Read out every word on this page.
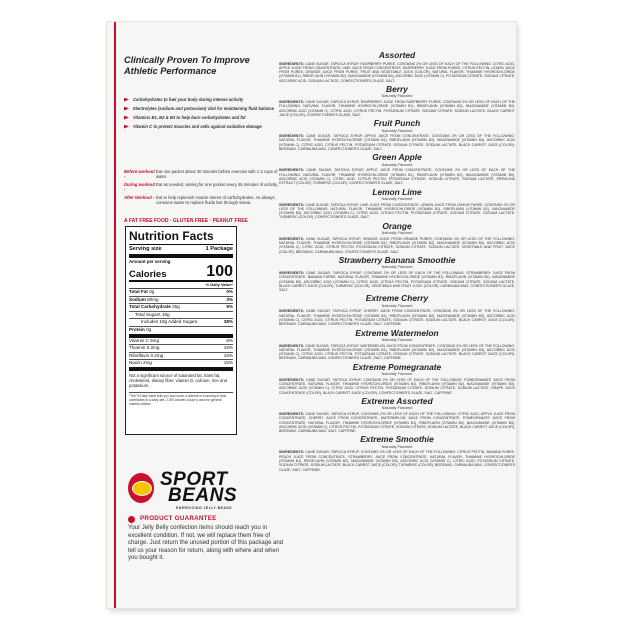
Clinically Proven To Improve Athletic Performance
Carbohydrates to fuel your body during intense activity
Electrolytes (sodium and potassium) vital for maintaining fluid balance
Vitamins B1, B2 & B3 to help burn carbohydrates and fat
Vitamin C to protect muscles and cells against oxidative damage
Before workout -
Eat one packet about 30 minutes before exercise with 1-2 cups of water.
During workout -
Eat as needed, aiming for one packet every 45 minutes of activity.
After Workout - Eat to help replenish muscle stores of carbohydrates. As always, consume water to replace fluids lost through sweat.
A FAT FREE FOOD · GLUTEN FREE · PEANUT FREE
Nutrition Facts
Serving size	1 Package
Amount per serving
Calories 100
% Daily Value*
Total Fat 0g	0%
Sodium 80mg	3%
Total Carbohydrate 25g	9%
Total Sugars 19g
Includes 19g Added Sugars	38%
Protein 0g
Vitamin C 6mg	6%
Thiamin 0.2mg	15%
Riboflavin 0.2mg	15%
Niacin 2mg	15%
Not a significant source of saturated fat, trans fat, cholesterol, dietary fiber, vitamin D, calcium, iron and potassium.
*The % Daily Value tells you how much a nutrient in a serving of food contributes to a daily diet. 2,000 calories a day is used for general nutrition advice.
SPORT
BEANS
ENERGIZING JELLY BEANS
PRODUCT GUARANTEE
Your Jelly Belly confection items should reach you in excellent condition. If not, we will replace them free of charge. Just return the unused portion of this package and tell us your reason for return, along with where and when you bought it.
Assorted
INGREDIENTS: CANE SUGAR, TAPIOCA SYRUP, RASPBERRY PUREE, CONTAINS 2% OR LESS OF EACH OF THE FOLLOWING: CITRIC ACID, APPLE JUICE FROM CONCENTRATE, LIME JUICE FROM CONCENTRATE, RASPBERRY JUICE FROM PUREE, CITRUS PECTIN, LEMON JUICE FROM PUREE, ORANGE JUICE FROM PUREE, FRUIT AND VEGETABLE JUICE (COLOR), NATURAL FLAVOR, THIAMINE HYDROCHLORIDE (VITAMIN B1), RIBOFLAVIN (VITAMIN B2), NIACINAMIDE (VITAMIN B3), ASCORBIC ACID (VITAMIN C), POTASSIUM CITRATE, SODIUM CITRATE, ASCORBIC ACID, SODIUM LACTATE, CONFECTIONER'S GLAZE, SALT.
Berry
Naturally Flavored
INGREDIENTS: CANE SUGAR, TAPIOCA SYRUP, RASPBERRY JUICE FROM RASPBERRY PUREE, CONTAINS 2% OR LESS OF EACH OF THE FOLLOWING: NATURAL FLAVOR, THIAMINE HYDROCHLORIDE (VITAMIN B1), RIBOFLAVIN (VITAMIN B2), NIACINAMIDE (VITAMIN B3), ASCORBIC ACID (VITAMIN C), CITRIC ACID, CITRUS PECTIN, POTASSIUM CITRATE, SODIUM CITRATE, SODIUM LACTATE, BLACK CARROT JUICE (COLOR), CONFECTIONER'S GLAZE, SALT.
Fruit Punch
Naturally Flavored
INGREDIENTS: CANE SUGAR, TAPIOCA SYRUP, APPLE JUICE FROM CONCENTRATE, CONTAINS 2% OR LESS OF THE FOLLOWING: NATURAL FLAVOR, THIAMINE HYDROCHLORIDE (VITAMIN B1), RIBOFLAVIN (VITAMIN B2), NIACINAMIDE (VITAMIN B3), ASCORBIC ACID (VITAMIN C), CITRIC ACID, CITRUS PECTIN, POTASSIUM CITRATE, SODIUM CITRATE, SODIUM LACTATE, BLACK CARROT JUICE (COLOR), BEESWAX, CARNAUBA WAX, CONFECTIONER'S GLAZE, SALT.
Green Apple
Naturally Flavored
INGREDIENTS: CANE SUGAR, TAPIOCA SYRUP, APPLE JUICE FROM CONCENTRATE, CONTAINS 2% OR LESS OF EACH OF THE FOLLOWING: NATURAL FLAVOR, THIAMINE HYDROCHLORIDE (VITAMIN B1), RIBOFLAVIN (VITAMIN B2), NIACINAMIDE (VITAMIN B3), ASCORBIC ACID (VITAMIN C), CITRIC ACID, CITRUS PECTIN, POTASSIUM CITRATE, SODIUM CITRATE, SODIUM LACTATE, SPIRULINA EXTRACT (COLOR), TURMERIC (COLOR), CONFECTIONER'S GLAZE, SALT.
Lemon Lime
Naturally Flavored
INGREDIENTS: CANE SUGAR, TAPIOCA SYRUP, LIME JUICE FROM CONCENTRATE, LEMON JUICE FROM LEMON PUREE, CONTAINS 2% OR LESS OF THE FOLLOWING: NATURAL FLAVOR, THIAMINE HYDROCHLORIDE (VITAMIN B1), RIBOFLAVIN (VITAMIN B2), NIACINAMIDE (VITAMIN B3), ASCORBIC ACID (VITAMIN C), CITRIC ACID, CITRUS PECTIN, POTASSIUM CITRATE, SODIUM CITRATE, SODIUM LACTATE, TURMERIC (COLOR), CONFECTIONER'S GLAZE, SALT.
Orange
Naturally Flavored
INGREDIENTS: CANE SUGAR, TAPIOCA SYRUP, ORANGE JUICE FROM ORANGE PUREE, CONTAINS 2% OR LESS OF THE FOLLOWING: NATURAL FLAVOR, THIAMINE HYDROCHLORIDE (VITAMIN B1), RIBOFLAVIN (VITAMIN B2), NIACINAMIDE (VITAMIN B3), ASCORBIC ACID (VITAMIN C), CITRIC ACID, CITRUS PECTIN, POTASSIUM CITRATE, SODIUM CITRATE, SODIUM LACTATE, VEGETABLE AND FRUIT JUICE (COLOR), BEESWAX, CARNAUBA WAX, CONFECTIONER'S GLAZE, SALT.
Strawberry Banana Smoothie
Naturally Flavored
INGREDIENTS: CANE SUGAR, TAPIOCA SYRUP, CONTAINS 2% OR LESS OF EACH OF THE FOLLOWING: STRAWBERRY JUICE FROM CONCENTRATE, BANANA PUREE, NATURAL FLAVOR, THIAMINE HYDROCHLORIDE (VITAMIN B1), RIBOFLAVIN (VITAMIN B2), NIACINAMIDE (VITAMIN B3), ASCORBIC ACID (VITAMIN C), CITRIC ACID, CITRUS PECTIN, POTASSIUM CITRATE, SODIUM CITRATE, SODIUM LACTATE, BLACK CARROT JUICE (COLOR), TURMERIC (COLOR), VEGETABLE AND FRUIT JUICE (COLOR), CARNAUBA WAX, CONFECTIONER'S GLAZE, SALT.
Extreme Cherry
Naturally Flavored
INGREDIENTS: CANE SUGAR, TAPIOCA SYRUP, CHERRY JUICE FROM CONCENTRATE, CONTAINS 2% OR LESS OF THE FOLLOWING: NATURAL FLAVOR, THIAMINE HYDROCHLORIDE (VITAMIN B1), RIBOFLAVIN (VITAMIN B2), NIACINAMIDE (VITAMIN B3), ASCORBIC ACID (VITAMIN C), CITRIC ACID, CITRUS PECTIN, POTASSIUM CITRATE, SODIUM CITRATE, SODIUM LACTATE, BLACK CARROT JUICE (COLOR), BEESWAX, CARNAUBA WAX, CONFECTIONER'S GLAZE, SALT, CAFFEINE.
Extreme Watermelon
Naturally Flavored
INGREDIENTS: CANE SUGAR, TAPIOCA SYRUP, WATERMELON JUICE FROM CONCENTRATE, CONTAINS 2% OR LESS OF THE FOLLOWING: NATURAL FLAVOR, THIAMINE HYDROCHLORIDE (VITAMIN B1), RIBOFLAVIN (VITAMIN B2), NIACINAMIDE (VITAMIN B3), ASCORBIC ACID (VITAMIN C), CITRIC ACID, CITRUS PECTIN, POTASSIUM CITRATE, SODIUM CITRATE, SODIUM LACTATE, BLACK CARROT JUICE (COLOR), BEESWAX, CARNAUBA WAX, CONFECTIONER'S GLAZE, SALT, CAFFEINE.
Extreme Pomegranate
Naturally Flavored
INGREDIENTS: CANE SUGAR, TAPIOCA SYRUP, CONTAINS 2% OR LESS OF EACH OF THE FOLLOWING: POMEGRANATE JUICE FROM CONCENTRATE, NATURAL FLAVOR, THIAMINE HYDROCHLORIDE (VITAMIN B1), RIBOFLAVIN (VITAMIN B2), NIACINAMIDE (VITAMIN B3), ASCORBIC ACID (VITAMIN C), CITRIC ACID, CITRUS PECTIN, POTASSIUM CITRATE, SODIUM CITRATE, SODIUM LACTATE, GRAPE JUICE CONCENTRATE (COLOR), BLACK CARROT JUICE (COLOR), CONFECTIONER'S GLAZE, SALT, CAFFEINE.
Extreme Assorted
Naturally Flavored
INGREDIENTS: CANE SUGAR, TAPIOCA SYRUP, CONTAINS 2% OR LESS OF EACH OF THE FOLLOWING: CITRIC ACID, APPLE JUICE FROM CONCENTRATE, CHERRY JUICE FROM CONCENTRATE, WATERMELON JUICE FROM CONCENTRATE, POMEGRANATE JUICE FROM CONCENTRATE, NATURAL FLAVOR, THIAMINE HYDROCHLORIDE (VITAMIN B1), RIBOFLAVIN (VITAMIN B2), NIACINAMIDE (VITAMIN B3), ASCORBIC ACID (VITAMIN C), CITRUS PECTIN, POTASSIUM CITRATE, SODIUM CITRATE, SODIUM LACTATE, BLACK CARROT JUICE (COLOR), BEESWAX, CARNAUBA WAX, SALT, CAFFEINE.
Extreme Smoothie
Naturally Flavored
INGREDIENTS: CANE SUGAR, TAPIOCA SYRUP, CONTAINS 2% OR LESS OF EACH OF THE FOLLOWING: CITRUS PECTIN, BANANA PUREE, PEACH JUICE FROM CONCENTRATE, STRAWBERRY JUICE FROM CONCENTRATE, NATURAL FLAVOR, THIAMINE HYDROCHLORIDE (VITAMIN B1), RIBOFLAVIN (VITAMIN B2), NIACINAMIDE (VITAMIN B3), ASCORBIC ACID (VITAMIN C), CITRIC ACID, POTASSIUM CITRATE, SODIUM CITRATE, SODIUM LACTATE, BLACK CARROT JUICE (COLOR), TURMERIC (COLOR), BEESWAX, CARNAUBA WAX, CONFECTIONER'S GLAZE, SALT, CAFFEINE.
